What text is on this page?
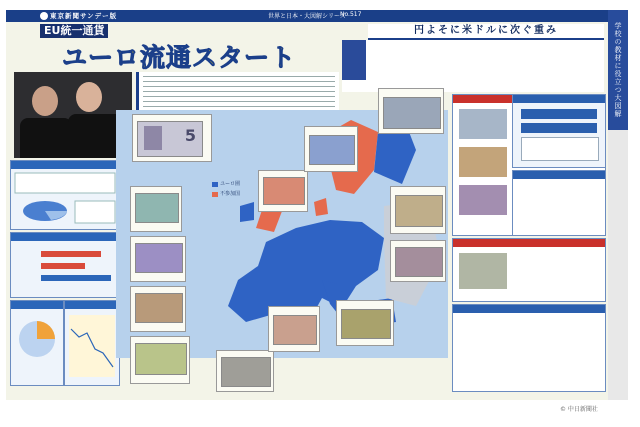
東京新聞サンデー版	世界と日本・大図解シリーズ
No.517
EU統一通貨
ユーロ流通スタート
円よそに米ドルに次ぐ重み	学校の教材に役立つ大図解
ユーロ圏
不参加国
5
© 中日新聞社
